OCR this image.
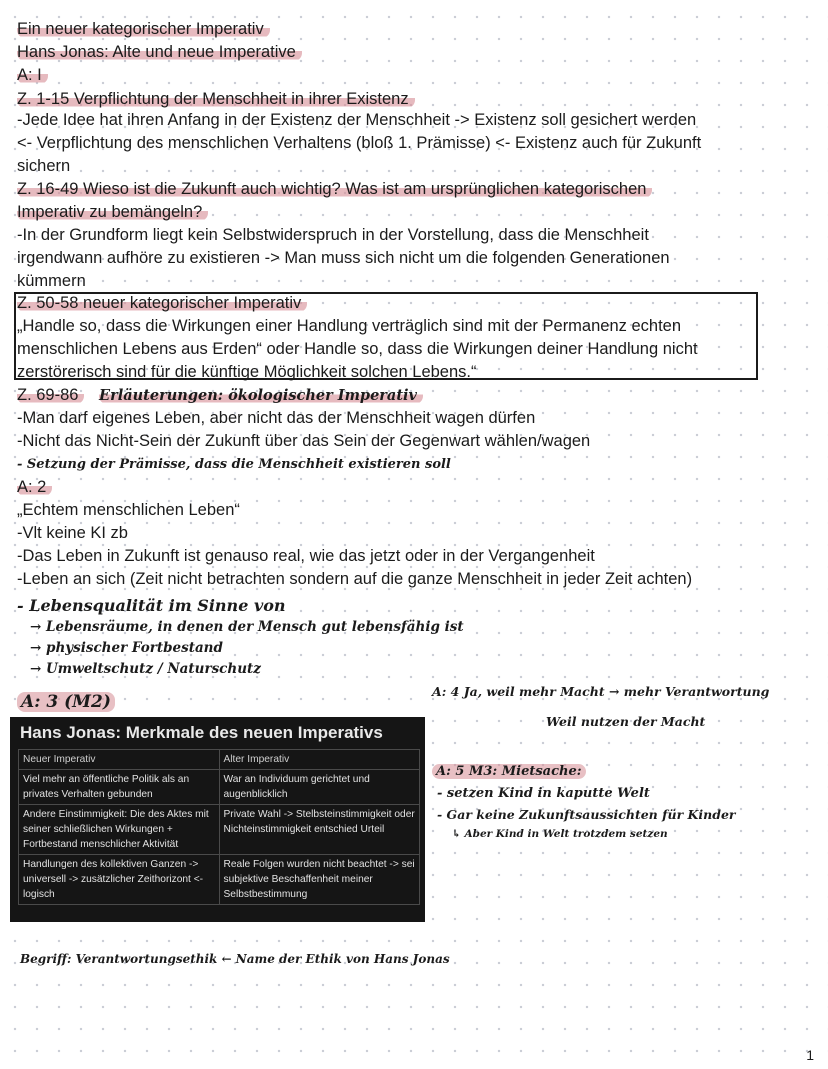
Ein neuer kategorischer Imperativ
Hans Jonas: Alte und neue Imperative
A: I
Z. 1-15 Verpflichtung der Menschheit in ihrer Existenz
-Jede Idee hat ihren Anfang in der Existenz der Menschheit -> Existenz soll gesichert werden
<- Verpflichtung des menschlichen Verhaltens (bloß 1. Prämisse) <- Existenz auch für Zukunft
sichern
Z. 16-49 Wieso ist die Zukunft auch wichtig? Was ist am ursprünglichen kategorischen
Imperativ zu bemängeln?
-In der Grundform liegt kein Selbstwiderspruch in der Vorstellung, dass die Menschheit
irgendwann aufhöre zu existieren -> Man muss sich nicht um die folgenden Generationen
kümmern
Z. 50-58 neuer kategorischer Imperativ
„Handle so, dass die Wirkungen einer Handlung verträglich sind mit der Permanenz echten
menschlichen Lebens aus Erden“ oder Handle so, dass die Wirkungen deiner Handlung nicht
zerstörerisch sind für die künftige Möglichkeit solchen Lebens.“
Z. 69-86 Erläuterungen: ökologischer Imperativ
-Man darf eigenes Leben, aber nicht das der Menschheit wagen dürfen
-Nicht das Nicht-Sein der Zukunft über das Sein der Gegenwart wählen/wagen
- Setzung der Prämisse, dass die Menschheit existieren soll
A: 2
„Echtem menschlichen Leben“
-Vlt keine KI zb
-Das Leben in Zukunft ist genauso real, wie das jetzt oder in der Vergangenheit
-Leben an sich (Zeit nicht betrachten sondern auf die ganze Menschheit in jeder Zeit achten)
- Lebensqualität im Sinne von
→ Lebensräume, in denen der Mensch gut lebensfähig ist
→ physischer Fortbestand
→ Umweltschutz / Naturschutz
A: 3 (M2)
A: 4 Ja, weil mehr Macht → mehr Verantwortung
Weil nutzen der Macht
Hans Jonas: Merkmale des neuen Imperativs
Neuer Imperativ	Alter Imperativ
Viel mehr an öffentliche Politik als an privates Verhalten gebunden	War an Individuum gerichtet und augenblicklich
Andere Einstimmigkeit: Die des Aktes mit seiner schließlichen Wirkungen + Fortbestand menschlicher Aktivität	Private Wahl -> Stelbsteinstimmigkeit oder Nichteinstimmigkeit entschied Urteil
Handlungen des kollektiven Ganzen -> universell -> zusätzlicher Zeithorizont <- logisch	Reale Folgen wurden nicht beachtet -> sei subjektive Beschaffenheit meiner Selbstbestimmung
A: 5 M3: Mietsache:
- setzen Kind in kaputte Welt
- Gar keine Zukunftsaussichten für Kinder
↳ Aber Kind in Welt trotzdem setzen
Begriff: Verantwortungsethik ← Name der Ethik von Hans Jonas
1
